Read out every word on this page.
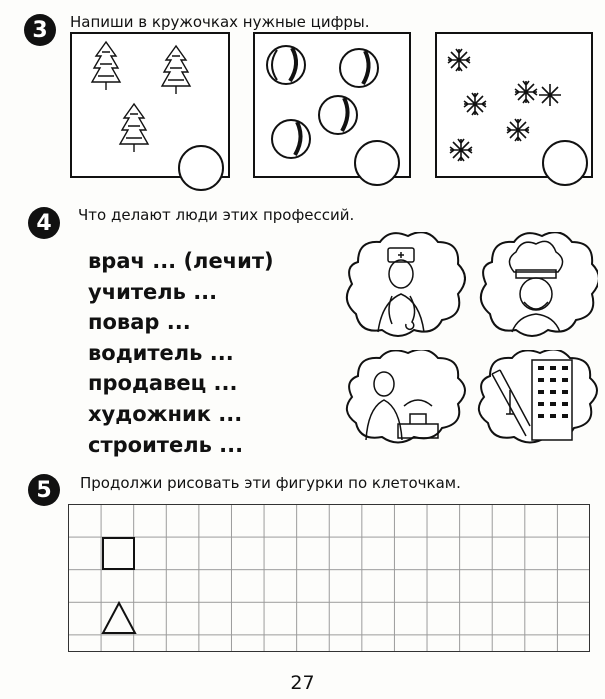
3	Напиши в кружочках нужные цифры.
4	Что делают люди этих профессий.
врач ... (лечит)
учитель ...
повар ...
водитель ...
продавец ...
художник ...
строитель ...
5	Продолжи рисовать эти фигурки по клеточкам.
27
